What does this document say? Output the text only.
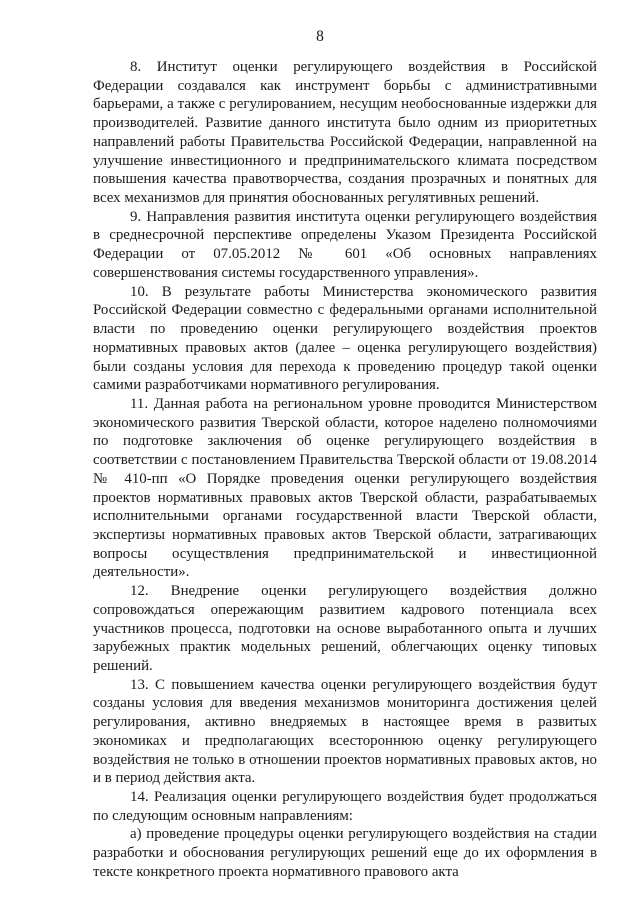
8

8. Институт оценки регулирующего воздействия в Российской Федерации создавался как инструмент борьбы с административными барьерами, а также с регулированием, несущим необоснованные издержки для производителей. Развитие данного института было одним из приоритетных направлений работы Правительства Российской Федерации, направленной на улучшение инвестиционного и предпринимательского климата посредством повышения качества правотворчества, создания прозрачных и понятных для всех механизмов для принятия обоснованных регулятивных решений.

9. Направления развития института оценки регулирующего воздействия в среднесрочной перспективе определены Указом Президента Российской Федерации от 07.05.2012 № 601 «Об основных направлениях совершенствования системы государственного управления».

10. В результате работы Министерства экономического развития Российской Федерации совместно с федеральными органами исполнительной власти по проведению оценки регулирующего воздействия проектов нормативных правовых актов (далее – оценка регулирующего воздействия) были созданы условия для перехода к проведению процедур такой оценки самими разработчиками нормативного регулирования.

11. Данная работа на региональном уровне проводится Министерством экономического развития Тверской области, которое наделено полномочиями по подготовке заключения об оценке регулирующего воздействия в соответствии с постановлением Правительства Тверской области от 19.08.2014 № 410-пп «О Порядке проведения оценки регулирующего воздействия проектов нормативных правовых актов Тверской области, разрабатываемых исполнительными органами государственной власти Тверской области, экспертизы нормативных правовых актов Тверской области, затрагивающих вопросы осуществления предпринимательской и инвестиционной деятельности».

12. Внедрение оценки регулирующего воздействия должно сопровождаться опережающим развитием кадрового потенциала всех участников процесса, подготовки на основе выработанного опыта и лучших зарубежных практик модельных решений, облегчающих оценку типовых решений.

13. С повышением качества оценки регулирующего воздействия будут созданы условия для введения механизмов мониторинга достижения целей регулирования, активно внедряемых в настоящее время в развитых экономиках и предполагающих всестороннюю оценку регулирующего воздействия не только в отношении проектов нормативных правовых актов, но и в период действия акта.

14. Реализация оценки регулирующего воздействия будет продолжаться по следующим основным направлениям:

а) проведение процедуры оценки регулирующего воздействия на стадии разработки и обоснования регулирующих решений еще до их оформления в тексте конкретного проекта нормативного правового акта
